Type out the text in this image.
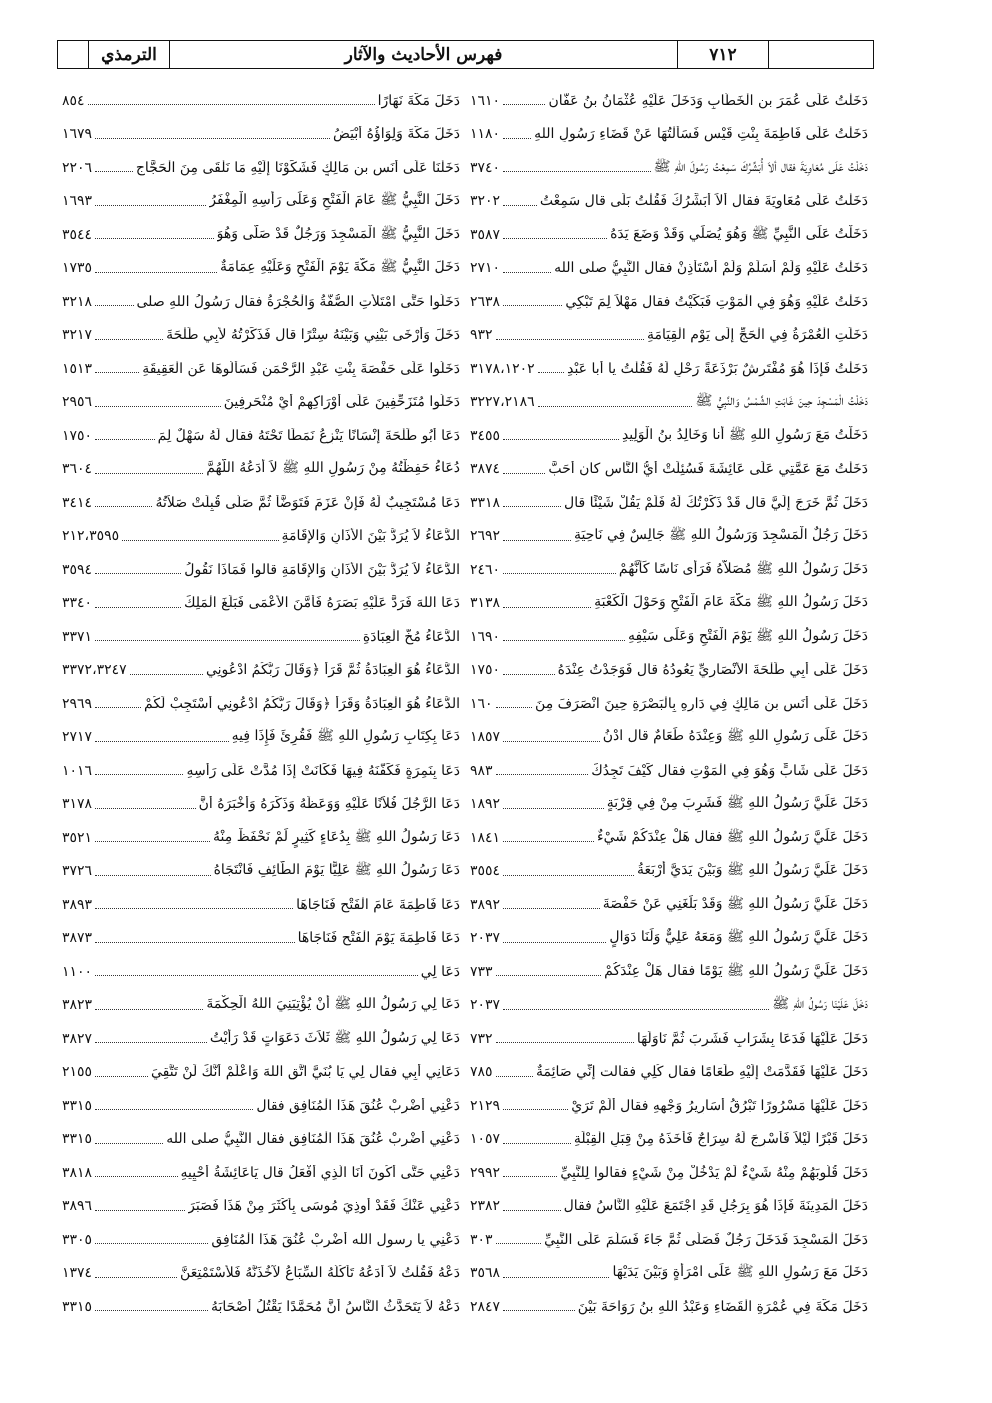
الترمذي	فهرس الأحاديث والآثار	٧١٢
دَخَلْتُ عَلَى عُمَرَ بنِ الْخَطَّابِ وَدَخَلَ عَلَيْهِ عُثْمَانُ بنُ عَفَّان
١٦١٠
دَخَلْتُ عَلَى فَاطِمَةَ بِنْتِ قَيْسٍ فَسَأَلْتُهَا عَنْ قَضَاءِ رَسُولِ اللهِ
١١٨٠
دَخَلْتُ عَلَى مُعَاوِيَةَ فقال ألاَ أُبَشِّرُكَ سَمِعْتُ رَسُولَ اللهِ ﷺ
٣٧٤٠
دَخَلْتُ عَلَى مُعَاوِيَةَ فقال ألاَ أُبَشِّرُكَ فَقُلْتُ بَلَى قال سَمِعْتُ
٣٢٠٢
دَخَلْتُ عَلَى النَّبِيِّ ﷺ وَهُوَ يُصَلِّي وَقَدْ وَضَعَ يَدَهُ
٣٥٨٧
دَخَلْتُ عَلَيْهِ وَلَمْ أُسَلِّمْ وَلَمْ أَسْتَأْذِنْ فقال النَّبِيُّ صلى الله
٢٧١٠
دَخَلْتُ عَلَيْهِ وَهُوَ فِي الْمَوْتِ فَبَكَيْتُ فقال مَهْلاً لِمَ تَبْكِي
٢٦٣٨
دَخَلَتِ الْعُمْرَةُ فِي الْحَجِّ إِلَى يَوْمِ الْقِيَامَةِ
٩٣٢
دَخَلْتُ فَإِذَا هُوَ مُفْتَرِشٌ بَرْذَعَةً رَحْلٍ لَهُ فَقُلْتُ يا أبا عَبْدِ
٣١٧٨،١٢٠٢
دَخَلْتُ الْمَسْجِدَ حِينَ غَابَتِ الشَّمْسُ وَالنَّبِيُّ ﷺ
٣٢٢٧،٢١٨٦
دَخَلْتُ مَعَ رَسُولِ اللهِ ﷺ أنا وَخَالِدُ بنُ الْوَلِيدِ
٣٤٥٥
دَخَلْتُ مَعَ عَمَّتِي عَلَى عَائِشَةَ فَسُئِلَتْ أَيُّ النَّاسِ كان أَحَبَّ
٣٨٧٤
دَخَلَ ثُمَّ خَرَجَ إِلَيَّ قال قَدْ ذَكَرْتُكَ لَهُ فَلَمْ يَقُلْ شَيْئًا قال
٣٣١٨
دَخَلَ رَجُلٌ الْمَسْجِدَ وَرَسُولُ اللهِ ﷺ جَالِسٌ فِي نَاحِيَةِ
٢٦٩٢
دَخَلَ رَسُولُ اللهِ ﷺ مُصَلاَّهُ فَرَأَى نَاسًا كَأَنَّهُمْ
٢٤٦٠
دَخَلَ رَسُولُ اللهِ ﷺ مَكَّةَ عَامَ الْفَتْحِ وَحَوْلَ الْكَعْبَةِ
٣١٣٨
دَخَلَ رَسُولُ اللهِ ﷺ يَوْمَ الْفَتْحِ وَعَلَى سَيْفِهِ
١٦٩٠
دَخَلَ عَلَى أَبِي طَلْحَةَ الأَنْصَارِيِّ يَعُودُهُ قال فَوَجَدْتُ عِنْدَهُ
١٧٥٠
دَخَلَ عَلَى أَنَسِ بنِ مَالِكٍ فِي دَارِهِ بِالْبَصْرَةِ حِينَ انْصَرَفَ مِنَ
١٦٠
دَخَلَ عَلَى رَسُولِ اللهِ ﷺ وَعِنْدَهُ طَعَامٌ قال ادْنُ
١٨٥٧
دَخَلَ عَلَى شَابٍّ وَهُوَ فِي الْمَوْتِ فقال كَيْفَ تَجِدُكَ
٩٨٣
دَخَلَ عَلَيَّ رَسُولُ اللهِ ﷺ فَشَرِبَ مِنْ فِي قِرْبَةٍ
١٨٩٢
دَخَلَ عَلَيَّ رَسُولُ اللهِ ﷺ فقال هَلْ عِنْدَكُمْ شَيْءٌ
١٨٤١
دَخَلَ عَلَيَّ رَسُولُ اللهِ ﷺ وَبَيْنَ يَدَيَّ أَرْبَعَةُ
٣٥٥٤
دَخَلَ عَلَيَّ رَسُولُ اللهِ ﷺ وَقَدْ بَلَغَنِي عَنْ حَفْصَةَ
٣٨٩٢
دَخَلَ عَلَيَّ رَسُولُ اللهِ ﷺ وَمَعَهُ عَلِيٌّ وَلَنَا دَوَالٍ
٢٠٣٧
دَخَلَ عَلَيَّ رَسُولُ اللهِ ﷺ يَوْمًا فقال هَلْ عِنْدَكُمْ
٧٣٣
دَخَلَ عَلَيْنَا رَسُولُ اللهِ ﷺ
٢٠٣٧
دَخَلَ عَلَيْهَا فَدَعَا بِشَرَابٍ فَشَرِبَ ثُمَّ نَاوَلَهَا
٧٣٢
دَخَلَ عَلَيْهَا فَقَدَّمَتْ إِلَيْهِ طَعَامًا فقال كُلِي فقالت إِنِّي صَائِمَةٌ
٧٨٥
دَخَلَ عَلَيْهَا مَسْرُورًا تَبْرُقُ أَسَارِيرُ وَجْهِهِ فقال أَلَمْ تَرَيْ
٢١٢٩
دَخَلَ قَبْرًا لَيْلاً فَأُسْرِجَ لَهُ سِرَاجٌ فَأَخَذَهُ مِنْ قِبَلِ الْقِبْلَةِ
١٠٥٧
دَخَلَ قُلُوبَهُمْ مِنْهُ شَيْءٌ لَمْ يَدْخُلْ مِنْ شَيْءٍ فقالوا لِلنَّبِيِّ
٢٩٩٢
دَخَلَ الْمَدِينَةَ فَإِذَا هُوَ بِرَجُلٍ قَدِ اجْتَمَعَ عَلَيْهِ النَّاسُ فقال
٢٣٨٢
دَخَلَ الْمَسْجِدَ فَدَخَلَ رَجُلٌ فَصَلَّى ثُمَّ جَاءَ فَسَلَّمَ عَلَى النَّبِيِّ
٣٠٣
دَخَلَ مَعَ رَسُولِ اللهِ ﷺ عَلَى امْرَأَةٍ وَبَيْنَ يَدَيْهَا
٣٥٦٨
دَخَلَ مَكَّةَ فِي عُمْرَةِ الْقَضَاءِ وَعَبْدُ اللهِ بنُ رَوَاحَةَ بَيْنَ
٢٨٤٧
دَخَلَ مَكَّةَ نَهَارًا
٨٥٤
دَخَلَ مَكَّةَ وَلِوَاؤُهُ أَبْيَضُ
١٦٧٩
دَخَلْنَا عَلَى أَنَسِ بنِ مَالِكٍ فَشَكَوْنَا إِلَيْهِ مَا نَلْقَى مِنَ الْحَجَّاجِ
٢٢٠٦
دَخَلَ النَّبِيُّ ﷺ عَامَ الْفَتْحِ وَعَلَى رَأْسِهِ الْمِغْفَرُ
١٦٩٣
دَخَلَ النَّبِيُّ ﷺ الْمَسْجِدَ وَرَجُلٌ قَدْ صَلَّى وَهُوَ
٣٥٤٤
دَخَلَ النَّبِيُّ ﷺ مَكَّةَ يَوْمَ الْفَتْحِ وَعَلَيْهِ عِمَامَةٌ
١٧٣٥
دَخَلُوا حَتَّى امْتَلأَتِ الصُّفَّةُ وَالْحُجْرَةُ فقال رَسُولُ اللهِ صلى
٣٢١٨
دَخَلَ وَأَرْخَى بَيْنِي وَبَيْنَهُ سِتْرًا قال فَذَكَرْتُهُ لأَبِي طَلْحَةَ
٣٢١٧
دَخَلُوا عَلَى حَفْصَةَ بِنْتِ عَبْدِ الرَّحْمَنِ فَسَأَلُوهَا عَنِ الْعَقِيقَةِ
١٥١٣
دَخَلُوا مُتَزَحِّفِينَ عَلَى أَوْرَاكِهِمْ أَيْ مُنْحَرِفِينَ
٢٩٥٦
دَعَا أَبُو طَلْحَةَ إِنْسَانًا يَنْزِعُ نَمَطًا تَحْتَهُ فقال لَهُ سَهْلٌ لِمَ
١٧٥٠
دُعَاءُ حَفِظْتُهُ مِنْ رَسُولِ اللهِ ﷺ لاَ أَدَعُهُ اللَّهُمَّ
٣٦٠٤
دَعَا مُسْتَجِيبٌ لَهُ فَإِنْ عَزَمَ فَتَوَضَّأَ ثُمَّ صَلَّى قُبِلَتْ صَلاَتُهُ
٣٤١٤
الدُّعَاءُ لاَ يُرَدُّ بَيْنَ الأَذَانِ وَالإِقَامَةِ
٢١٢،٣٥٩٥
الدُّعَاءُ لاَ يُرَدُّ بَيْنَ الأَذَانِ وَالإِقَامَةِ قالوا فَمَاذَا نَقُولُ
٣٥٩٤
دَعَا اللهَ فَرَدَّ عَلَيْهِ بَصَرَهُ فَأَمَّنَ الأَعْمَى فَبَلَغَ الْمَلِكَ
٣٣٤٠
الدُّعَاءُ مُخُّ الْعِبَادَةِ
٣٣٧١
الدُّعَاءُ هُوَ الْعِبَادَةُ ثُمَّ قَرَأَ ﴿وَقَالَ رَبُّكُمُ ادْعُونِي
٣٣٧٢،٣٢٤٧
الدُّعَاءُ هُوَ الْعِبَادَةُ وَقَرَأَ ﴿وَقَالَ رَبُّكُمُ ادْعُونِي أَسْتَجِبْ لَكُمْ
٢٩٦٩
دَعَا بِكِتَابِ رَسُولِ اللهِ ﷺ فَقُرِئَ فَإِذَا فِيهِ
٢٧١٧
دَعَا بِنَمِرَةٍ فَكَفَّنَهُ فِيهَا فَكَانَتْ إِذَا مُدَّتْ عَلَى رَأْسِهِ
١٠١٦
دَعَا الرَّجُلَ فُلاَنًا عَلَيْهِ وَوَعَظَهُ وَذَكَّرَهُ وَأَخْبَرَهُ أَنَّ
٣١٧٨
دَعَا رَسُولُ اللهِ ﷺ بِدُعَاءٍ كَثِيرٍ لَمْ نَحْفَظْ مِنْهُ
٣٥٢١
دَعَا رَسُولُ اللهِ ﷺ عَلِيًّا يَوْمَ الطَّائِفِ فَانْتَجَاهُ
٣٧٢٦
دَعَا فَاطِمَةَ عَامَ الْفَتْحِ فَنَاجَاهَا
٣٨٩٣
دَعَا فَاطِمَةَ يَوْمَ الْفَتْحِ فَنَاجَاهَا
٣٨٧٣
دَعَا لِي
١١٠٠
دَعَا لِي رَسُولُ اللهِ ﷺ أَنْ يُؤْتِيَنِيَ اللهُ الْحِكْمَةَ
٣٨٢٣
دَعَا لِي رَسُولُ اللهِ ﷺ ثَلاَثَ دَعَوَاتٍ قَدْ رَأَيْتُ
٣٨٢٧
دَعَانِي أَبِي فقال لِي يَا بُنَيَّ اتَّقِ اللهَ وَاعْلَمْ أَنَّكَ لَنْ تَتَّقِيَ
٢١٥٥
دَعْنِي أَضْرِبْ عُنُقَ هَذَا الْمُنَافِقِ فقال
٣٣١٥
دَعْنِي أَضْرِبْ عُنُقَ هَذَا الْمُنَافِقِ فقال النَّبِيُّ صلى الله
٣٣١٥
دَعْنِي حَتَّى أَكُونَ أَنَا الَّذِي أَفْعَلُ قال يَاعَائِشَةُ أَحْيِيهِ
٣٨١٨
دَعْنِي عَنْكَ فَقَدْ أُوذِيَ مُوسَى بِأَكْثَرَ مِنْ هَذَا فَصَبَرَ
٣٨٩٦
دَعْنِي يا رسول الله أَضْرِبْ عُنُقَ هَذَا الْمُنَافِقِ
٣٣٠٥
دَعْهُ فَقُلْتُ لاَ أَدَعُهُ تَأْكُلُهُ السِّبَاعُ لآخُذَنَّهُ فَلأَسْتَمْتِعَنَّ
١٣٧٤
دَعْهُ لاَ يَتَحَدَّثُ النَّاسُ أَنَّ مُحَمَّدًا يَقْتُلُ أَصْحَابَهُ
٣٣١٥
